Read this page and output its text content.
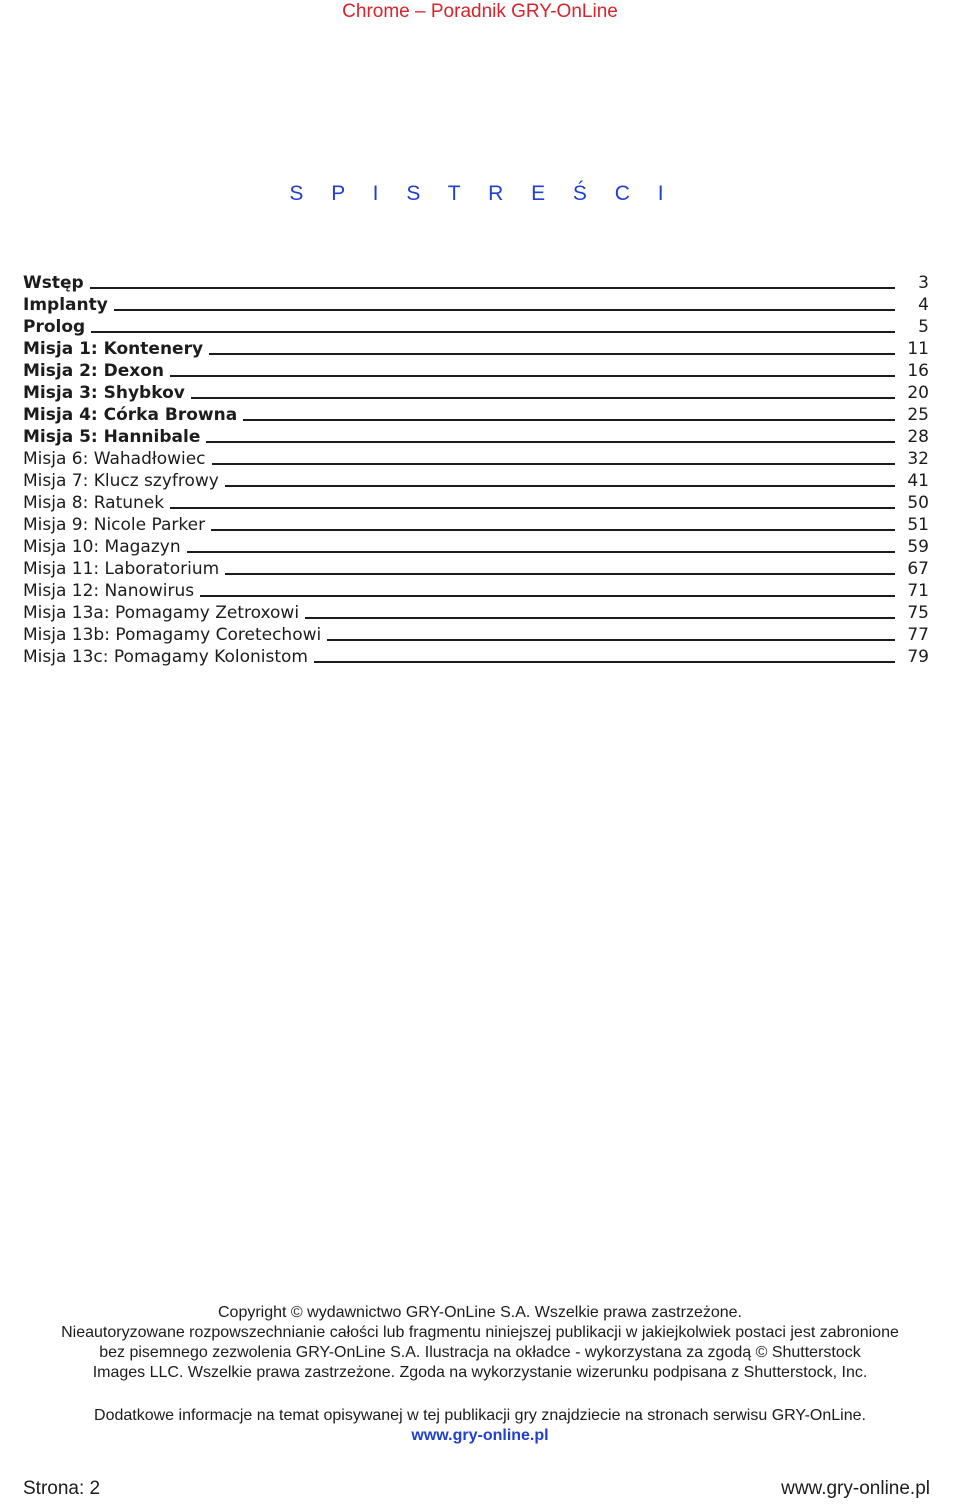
Chrome – Poradnik GRY-OnLine
S P I S T R E Ś C I
Wstęp	3
Implanty	4
Prolog	5
Misja 1: Kontenery	11
Misja 2: Dexon	16
Misja 3: Shybkov	20
Misja 4: Córka Browna	25
Misja 5: Hannibale	28
Misja 6: Wahadłowiec	32
Misja 7: Klucz szyfrowy	41
Misja 8: Ratunek	50
Misja 9: Nicole Parker	51
Misja 10: Magazyn	59
Misja 11: Laboratorium	67
Misja 12: Nanowirus	71
Misja 13a: Pomagamy Zetroxowi	75
Misja 13b: Pomagamy Coretechowi	77
Misja 13c: Pomagamy Kolonistom	79

Copyright © wydawnictwo GRY-OnLine S.A. Wszelkie prawa zastrzeżone.

Nieautoryzowane rozpowszechnianie całości lub fragmentu niniejszej publikacji w jakiejkolwiek postaci jest zabronione

bez pisemnego zezwolenia GRY-OnLine S.A. Ilustracja na okładce - wykorzystana za zgodą © Shutterstock

Images LLC. Wszelkie prawa zastrzeżone. Zgoda na wykorzystanie wizerunku podpisana z Shutterstock, Inc.

Dodatkowe informacje na temat opisywanej w tej publikacji gry znajdziecie na stronach serwisu GRY-OnLine.

www.gry-online.pl

Strona: 2	www.gry-online.pl
